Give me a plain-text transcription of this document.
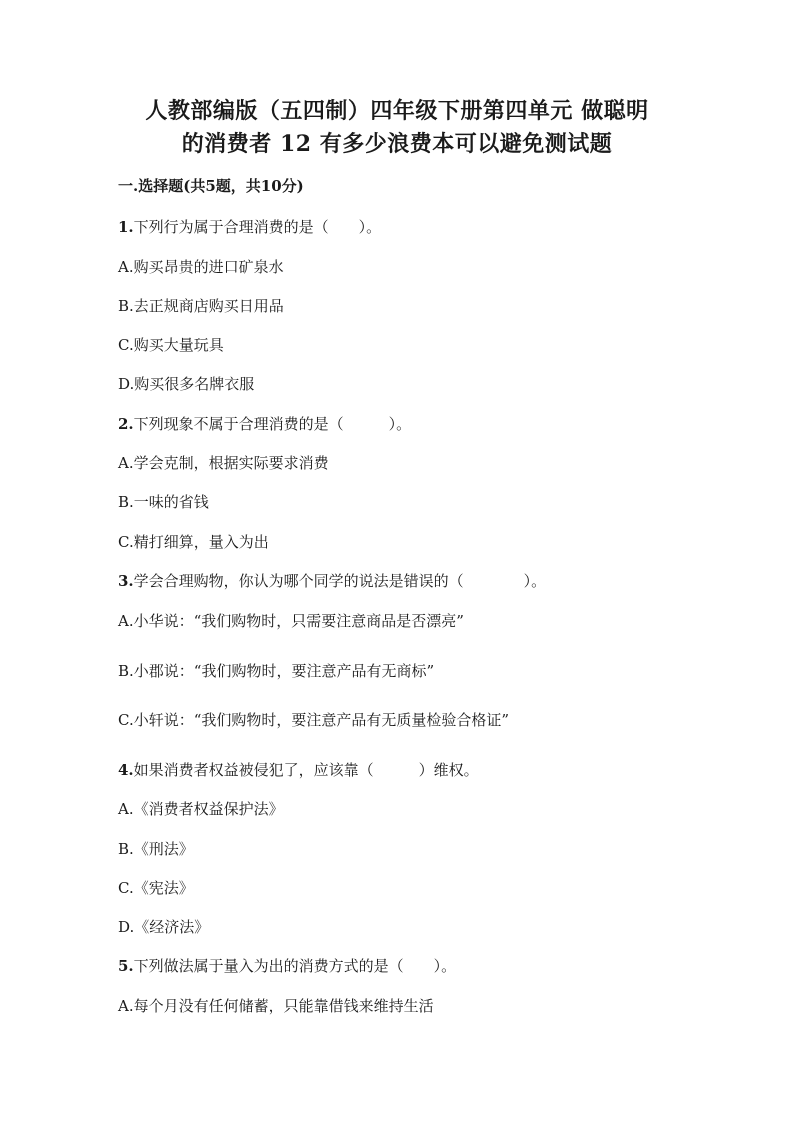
人教部编版（五四制）四年级下册第四单元 做聪明
的消费者 12 有多少浪费本可以避免测试题
一.选择题(共5题，共10分)
1.下列行为属于合理消费的是（　　）。
A.购买昂贵的进口矿泉水
B.去正规商店购买日用品
C.购买大量玩具
D.购买很多名牌衣服
2.下列现象不属于合理消费的是（　　　）。
A.学会克制，根据实际要求消费
B.一味的省钱
C.精打细算，量入为出
3.学会合理购物，你认为哪个同学的说法是错误的（　　　　）。
A.小华说：“我们购物时，只需要注意商品是否漂亮”
B.小郡说：“我们购物时，要注意产品有无商标”
C.小轩说：“我们购物时，要注意产品有无质量检验合格证”
4.如果消费者权益被侵犯了，应该靠（　　　）维权。
A.《消费者权益保护法》
B.《刑法》
C.《宪法》
D.《经济法》
5.下列做法属于量入为出的消费方式的是（　　）。
A.每个月没有任何储蓄，只能靠借钱来维持生活
